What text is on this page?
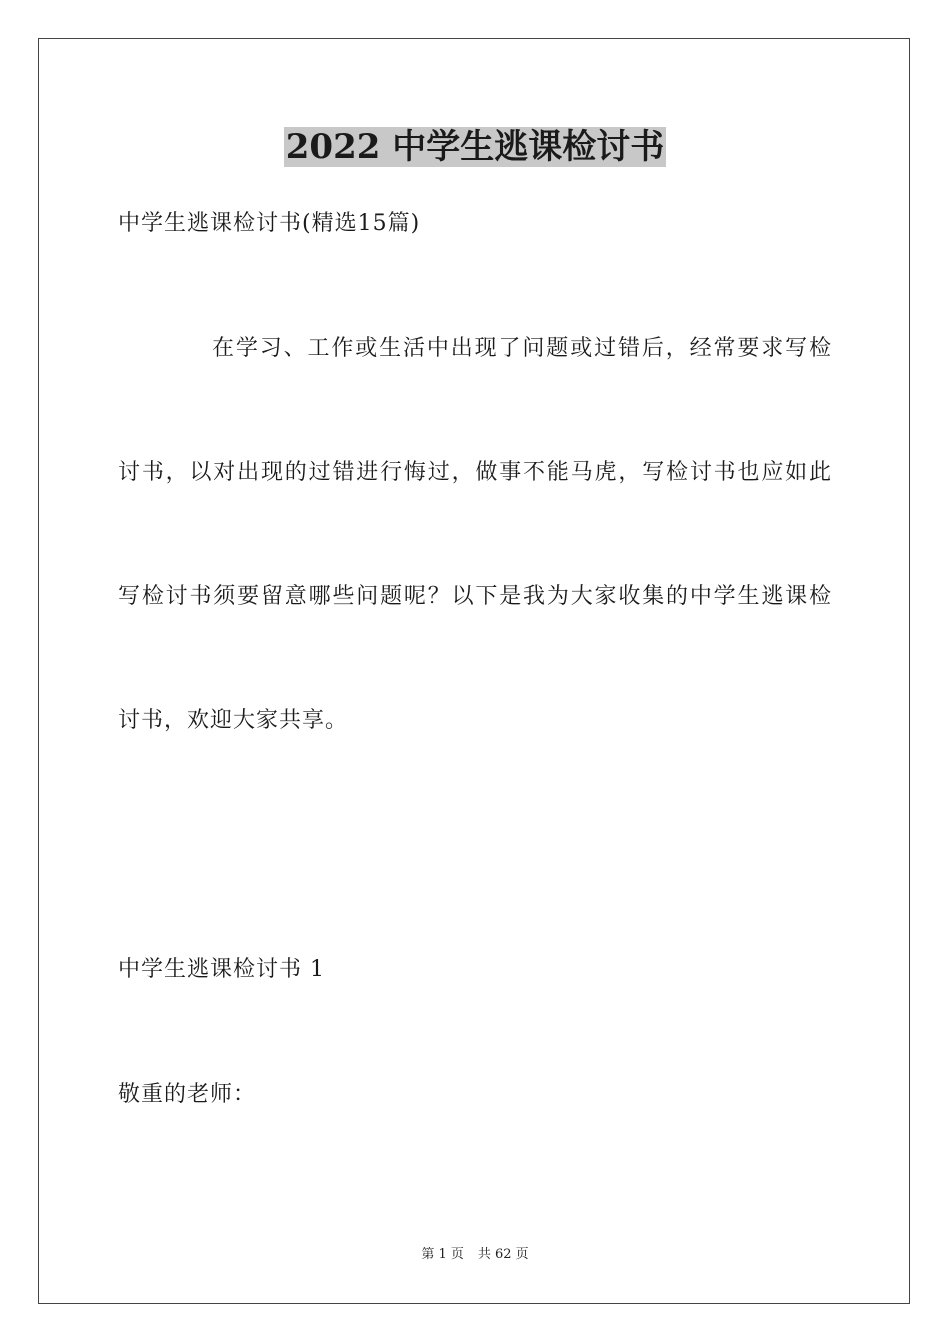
2022 中学生逃课检讨书

中学生逃课检讨书(精选15篇)

在学习、工作或生活中出现了问题或过错后，经常要求写检

讨书，以对出现的过错进行悔过，做事不能马虎，写检讨书也应如此

写检讨书须要留意哪些问题呢？以下是我为大家收集的中学生逃课检

讨书，欢迎大家共享。

中学生逃课检讨书 1

敬重的老师：

第 1 页 共 62 页
